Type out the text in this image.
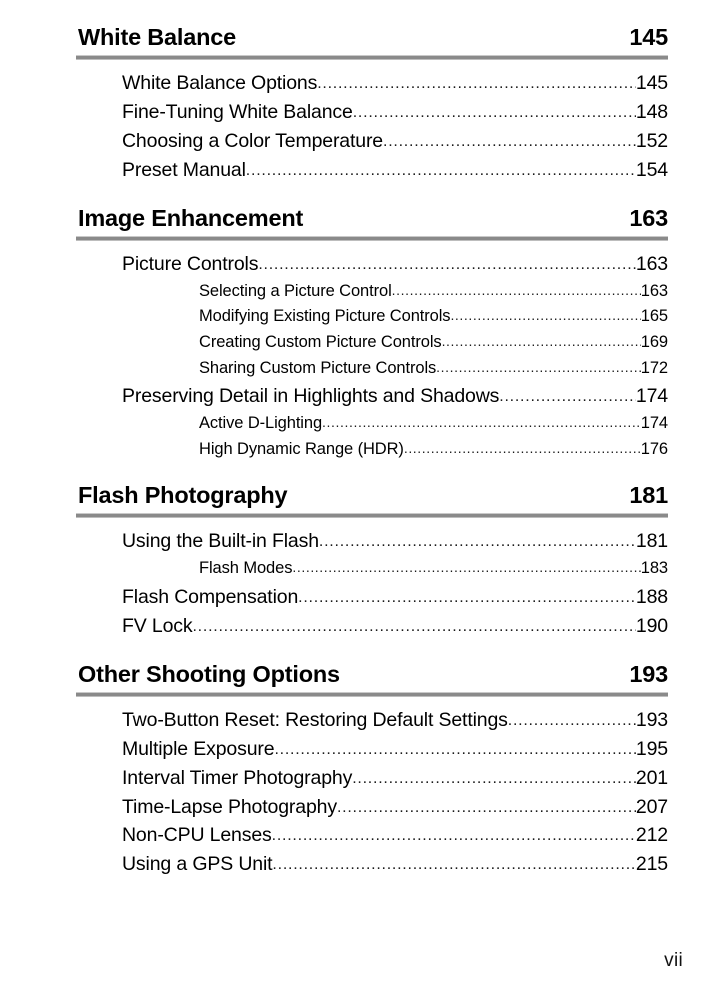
White Balance	145
White Balance Options .....	145
Fine-Tuning White Balance .....	148
Choosing a Color Temperature .....	152
Preset Manual .....	154
Image Enhancement	163
Picture Controls .....	163
Selecting a Picture Control .....	163
Modifying Existing Picture Controls .....	165
Creating Custom Picture Controls .....	169
Sharing Custom Picture Controls .....	172
Preserving Detail in Highlights and Shadows .....	174
Active D-Lighting .....	174
High Dynamic Range (HDR) .....	176
Flash Photography	181
Using the Built-in Flash .....	181
Flash Modes .....	183
Flash Compensation .....	188
FV Lock .....	190
Other Shooting Options	193
Two-Button Reset: Restoring Default Settings .....	193
Multiple Exposure .....	195
Interval Timer Photography .....	201
Time-Lapse Photography .....	207
Non-CPU Lenses .....	212
Using a GPS Unit .....	215
vii
